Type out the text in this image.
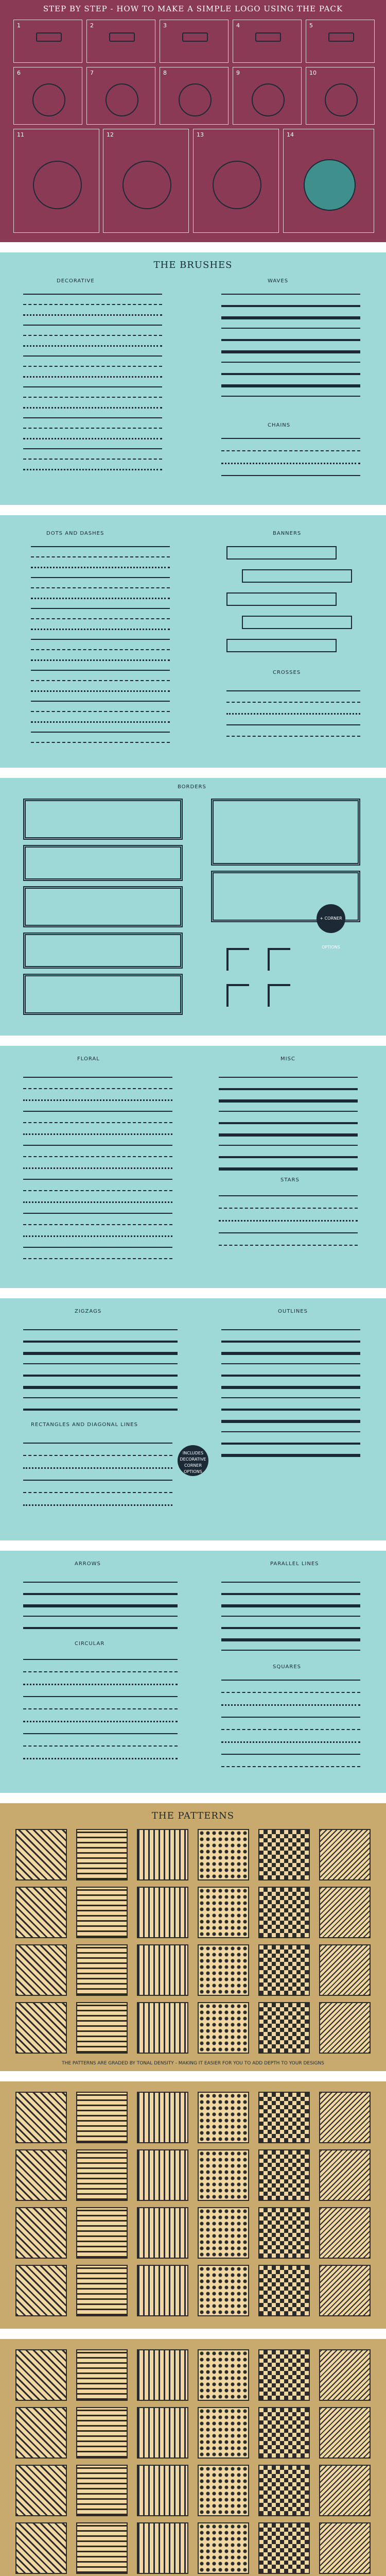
STEP BY STEP - HOW TO MAKE A SIMPLE LOGO USING THE PACK
1	2	3	4	5
6	7	8	9	10
11	12	13	14
THE BRUSHES
DECORATIVE	WAVES
CHAINS
DOTS AND DASHES	BANNERS
CROSSES
BORDERS
+ CORNER OPTIONS
FLORAL	MISC
STARS
ZIGZAGS	OUTLINES
RECTANGLES AND DIAGONAL LINES
INCLUDES DECORATIVE CORNER OPTIONS
ARROWS	PARALLEL LINES
CIRCULAR
SQUARES
THE PATTERNS
THE PATTERNS ARE GRADED BY TONAL DENSITY - MAKING IT EASIER FOR YOU TO ADD DEPTH TO YOUR DESIGNS
